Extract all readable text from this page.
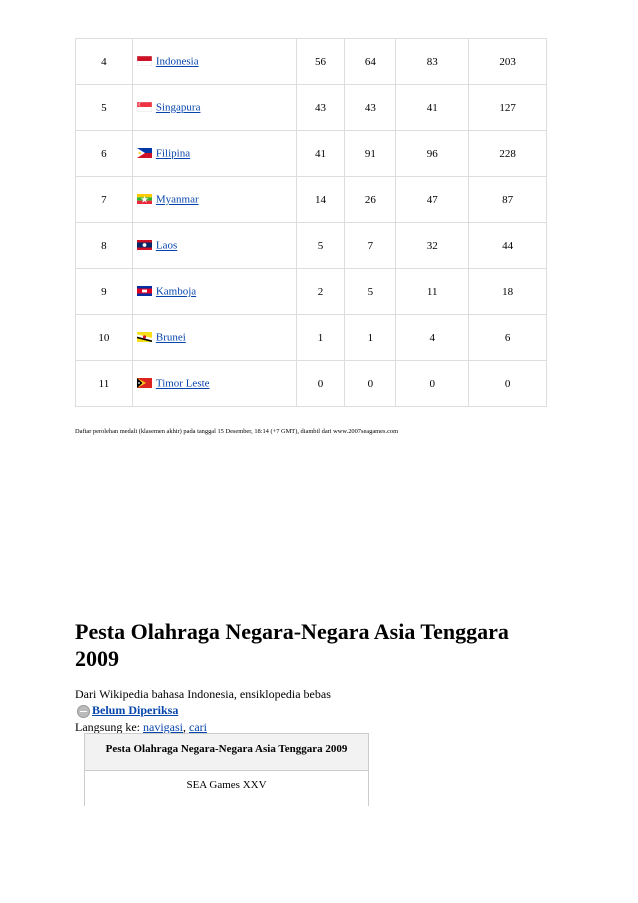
4	Indonesia	56	64	83	203
5	Singapura	43	43	41	127
6	Filipina	41	91	96	228
7	Myanmar	14	26	47	87
8	Laos	5	7	32	44
9	Kamboja	2	5	11	18
10	Brunei	1	1	4	6
11	Timor Leste	0	0	0	0
Daftar perolehan medali (klasemen akhir) pada tanggal 15 Desember, 18:14 (+7 GMT), diambil dari www.2007seagames.com
Pesta Olahraga Negara-Negara Asia Tenggara 2009
Dari Wikipedia bahasa Indonesia, ensiklopedia bebas
Belum Diperiksa
Langsung ke: navigasi, cari
Pesta Olahraga Negara-Negara Asia Tenggara 2009
SEA Games XXV
